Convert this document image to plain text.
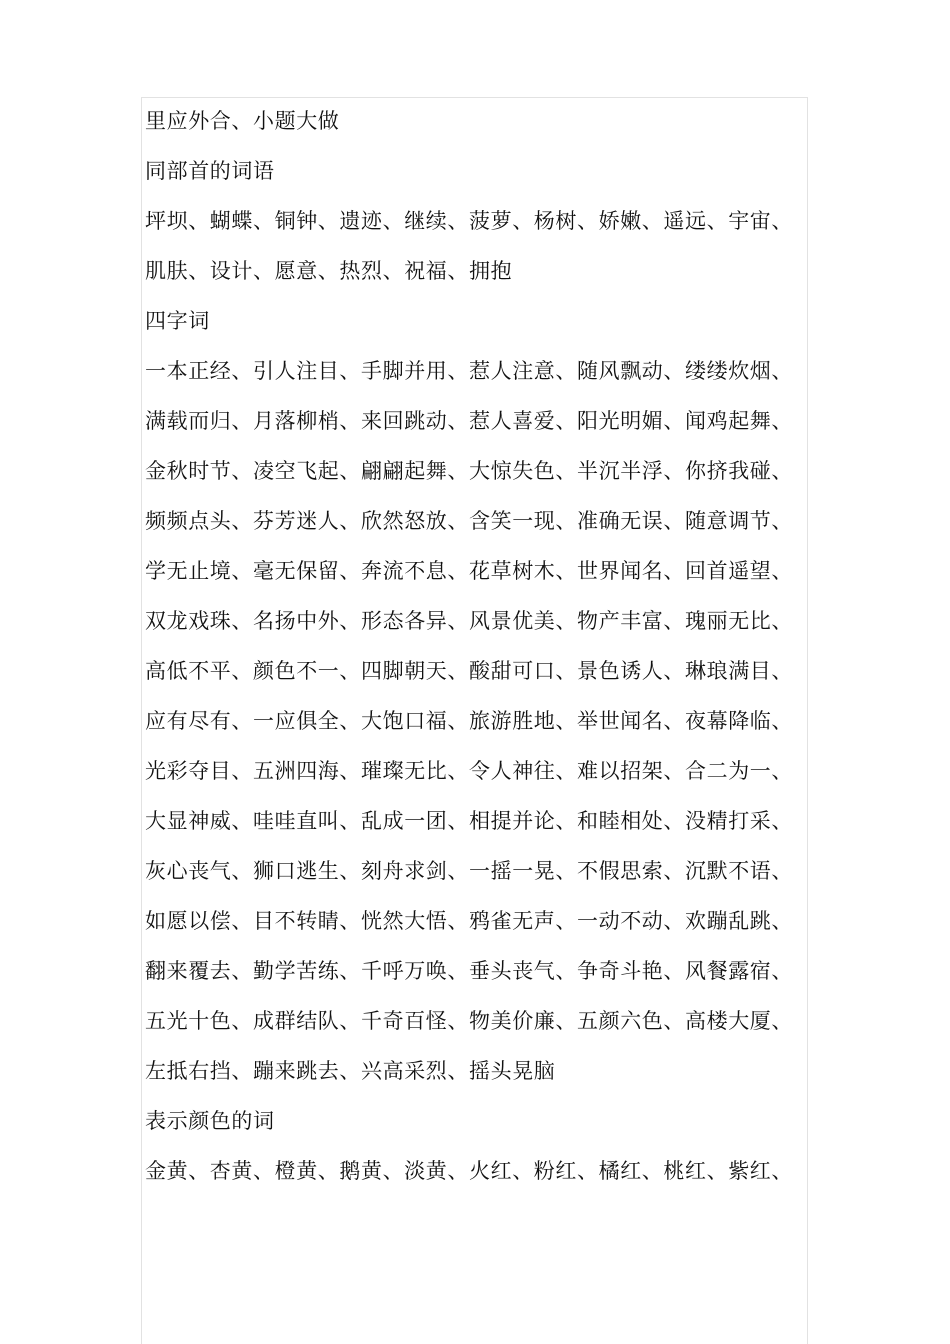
里应外合、小题大做
同部首的词语
坪坝、蝴蝶、铜钟、遗迹、继续、菠萝、杨树、娇嫩、遥远、宇宙、
肌肤、设计、愿意、热烈、祝福、拥抱
四字词
一本正经、引人注目、手脚并用、惹人注意、随风飘动、缕缕炊烟、
满载而归、月落柳梢、来回跳动、惹人喜爱、阳光明媚、闻鸡起舞、
金秋时节、凌空飞起、翩翩起舞、大惊失色、半沉半浮、你挤我碰、
频频点头、芬芳迷人、欣然怒放、含笑一现、准确无误、随意调节、
学无止境、毫无保留、奔流不息、花草树木、世界闻名、回首遥望、
双龙戏珠、名扬中外、形态各异、风景优美、物产丰富、瑰丽无比、
高低不平、颜色不一、四脚朝天、酸甜可口、景色诱人、琳琅满目、
应有尽有、一应俱全、大饱口福、旅游胜地、举世闻名、夜幕降临、
光彩夺目、五洲四海、璀璨无比、令人神往、难以招架、合二为一、
大显神威、哇哇直叫、乱成一团、相提并论、和睦相处、没精打采、
灰心丧气、狮口逃生、刻舟求剑、一摇一晃、不假思索、沉默不语、
如愿以偿、目不转睛、恍然大悟、鸦雀无声、一动不动、欢蹦乱跳、
翻来覆去、勤学苦练、千呼万唤、垂头丧气、争奇斗艳、风餐露宿、
五光十色、成群结队、千奇百怪、物美价廉、五颜六色、高楼大厦、
左抵右挡、蹦来跳去、兴高采烈、摇头晃脑
表示颜色的词
金黄、杏黄、橙黄、鹅黄、淡黄、火红、粉红、橘红、桃红、紫红、
